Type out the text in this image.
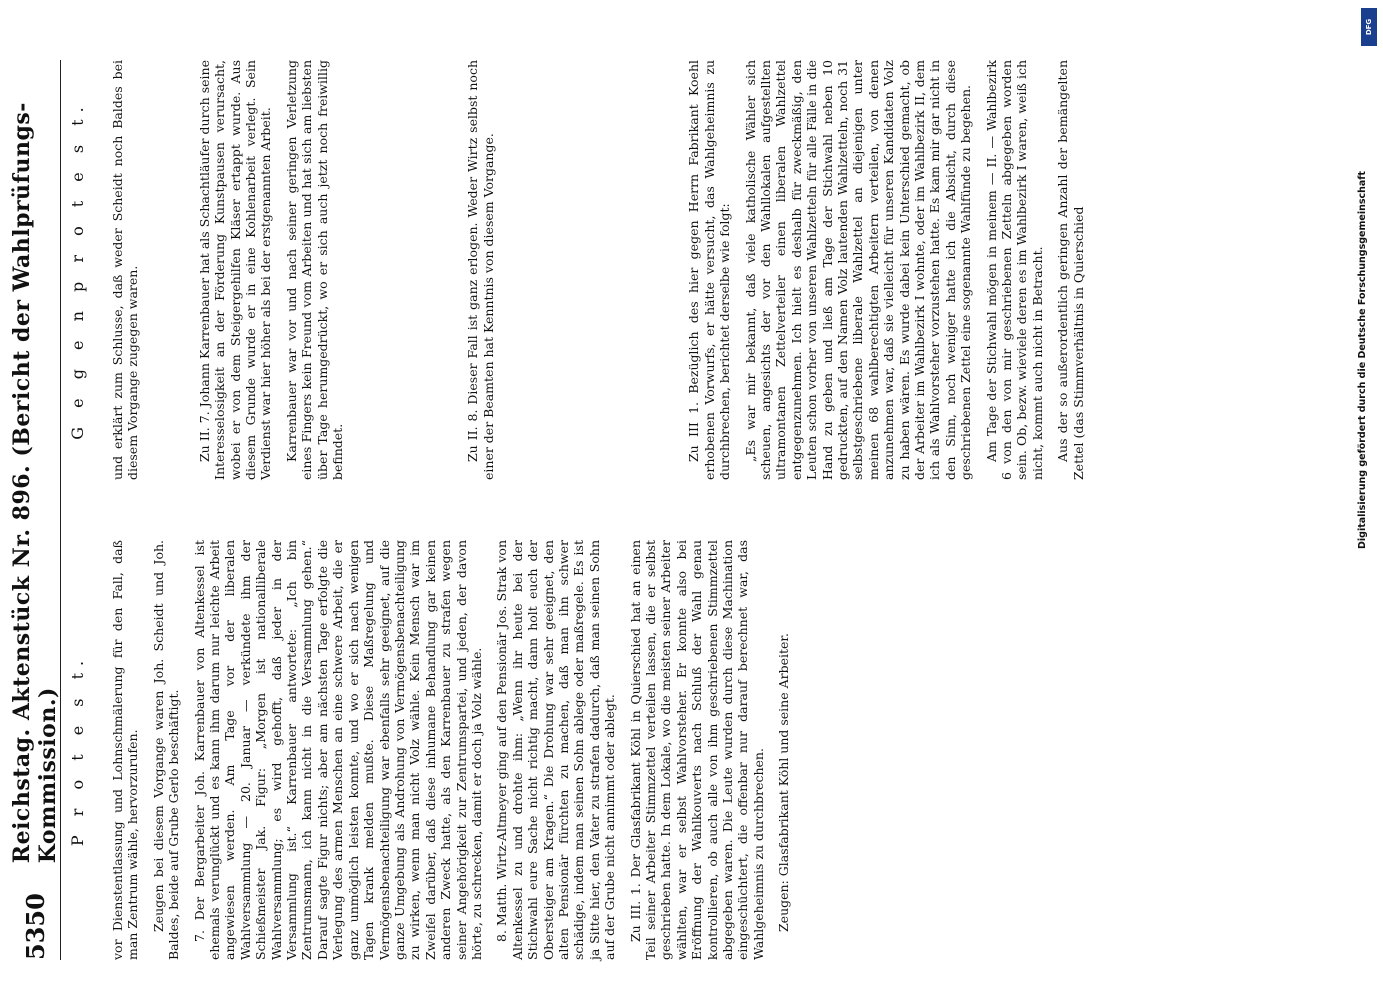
5350
Reichstag. Aktenstück Nr. 896. (Bericht der Wahlprüfungs-Kommission.) P r o t e s t.
G e g e n p r o t e s t.

vor Dienstentlassung und Lohnschmälerung für den Fall, daß man Zentrum wähle, hervorzurufen. Zeugen bei diesem Vorgange waren Joh. Scheidt und Joh. Baldes, beide auf Grube Gerlo beschäftigt. 7. Der Bergarbeiter Joh. Karrenbauer von Altenkessel ist ehemals verunglückt und es kann ihm darum nur leichte Arbeit angewiesen werden. Am Tage vor der liberalen Wahlversammlung — 20. Januar — verkündete ihm der Schießmeister Jak. Figur: „Morgen ist nationalliberale Wahlversammlung; es wird gehofft, daß jeder in der Versammlung ist.“ Karrenbauer antwortete: „Ich bin Zentrumsmann, ich kann nicht in die Versammlung gehen.“ Darauf sagte Figur nichts; aber am nächsten Tage erfolgte die Verlegung des armen Menschen an eine schwere Arbeit, die er ganz unmöglich leisten konnte, und wo er sich nach wenigen Tagen krank melden mußte. Diese Maßregelung und Vermögensbenachteiligung war ebenfalls sehr geeignet, auf die ganze Umgebung als Androhung von Vermögensbenachteiligung zu wirken, wenn man nicht Volz wähle. Kein Mensch war im Zweifel darüber, daß diese inhumane Behandlung gar keinen anderen Zweck hatte, als den Karrenbauer zu strafen wegen seiner Angehörigkeit zur Zentrumspartei, und jeden, der davon hörte, zu schrecken, damit er doch ja Volz wähle. 8. Matth. Wirtz-Altmeyer ging auf den Pensionär Jos. Strak von Altenkessel zu und drohte ihm: „Wenn ihr heute bei der Stichwahl eure Sache nicht richtig macht, dann holt euch der Obersteiger am Kragen.“ Die Drohung war sehr geeignet, den alten Pensionär fürchten zu machen, daß man ihn schwer schädige, indem man seinen Sohn ablege oder maßregele. Es ist ja Sitte hier, den Vater zu strafen dadurch, daß man seinen Sohn auf der Grube nicht annimmt oder ablegt. Zu III. 1. Der Glasfabrikant Köhl in Quierschied hat an einen Teil seiner Arbeiter Stimmzettel verteilen lassen, die er selbst geschrieben hatte. In dem Lokale, wo die meisten seiner Arbeiter wählten, war er selbst Wahlvorsteher. Er konnte also bei Eröffnung der Wahlkouverts nach Schluß der Wahl genau kontrollieren, ob auch alle von ihm geschriebenen Stimmzettel abgegeben waren. Die Leute wurden durch diese Machination eingeschüchtert, die offenbar nur darauf berechnet war, das Wahlgeheimnis zu durchbrechen. Zeugen: Glasfabrikant Köhl und seine Arbeiter.

und erklärt zum Schlusse, daß weder Scheidt noch Baldes bei diesem Vorgange zugegen waren.	Zu II. 7. Johann Karrenbauer hat als Schachtläufer durch seine Interesselosigkeit an der Förderung Kunstpausen verursacht, wobei er von dem Steigergehilfen Kläser ertappt wurde. Aus diesem Grunde wurde er in eine Kohlenarbeit verlegt. Sein Verdienst war hier höher als bei der erstgenannten Arbeit. Karrenbauer war vor und nach seiner geringen Verletzung eines Fingers kein Freund vom Arbeiten und hat sich am liebsten über Tage herumgedrückt, wo er sich auch jetzt noch freiwillig befindet.	Zu II. 8. Dieser Fall ist ganz erlogen. Weder Wirtz selbst noch einer der Beamten hat Kenntnis von diesem Vorgange.	Zu III 1. Bezüglich des hier gegen Herrn Fabrikant Koehl erhobenen Vorwurfs, er hätte versucht, das Wahlgeheimnis zu durchbrechen, berichtet derselbe wie folgt: „Es war mir bekannt, daß viele katholische Wähler sich scheuen, angesichts der vor den Wahllokalen aufgestellten ultramontanen Zettelverteiler einen liberalen Wahlzettel entgegenzunehmen. Ich hielt es deshalb für zweckmäßig, den Leuten schon vorher von unseren Wahlzetteln für alle Fälle in die Hand zu geben und ließ am Tage der Stichwahl neben 10 gedruckten, auf den Namen Volz lautenden Wahlzetteln, noch 31 selbstgeschriebene liberale Wahlzettel an diejenigen unter meinen 68 wahlberechtigten Arbeitern verteilen, von denen anzunehmen war, daß sie vielleicht für unseren Kandidaten Volz zu haben wären. Es wurde dabei kein Unterschied gemacht, ob der Arbeiter im Wahlbezirk I wohnte, oder im Wahlbezirk II, dem ich als Wahlvorsteher vorzustehen hatte. Es kam mir gar nicht in den Sinn, noch weniger hatte ich die Absicht, durch diese geschriebenen Zettel eine sogenannte Wahlfünde zu begehen. Am Tage der Stichwahl mögen in meinem — II. — Wahlbezirk 6 von den von mir geschriebenen Zetteln abgegeben worden sein. Ob, bezw. wieviele deren es im Wahlbezirk I waren, weiß ich nicht, kommt auch nicht in Betracht. Aus der so außerordentlich geringen Anzahl der bemängelten Zettel (das Stimmverhältnis in Quierschied

DFG
Digitalisierung gefördert durch die Deutsche Forschungsgemeinschaft
